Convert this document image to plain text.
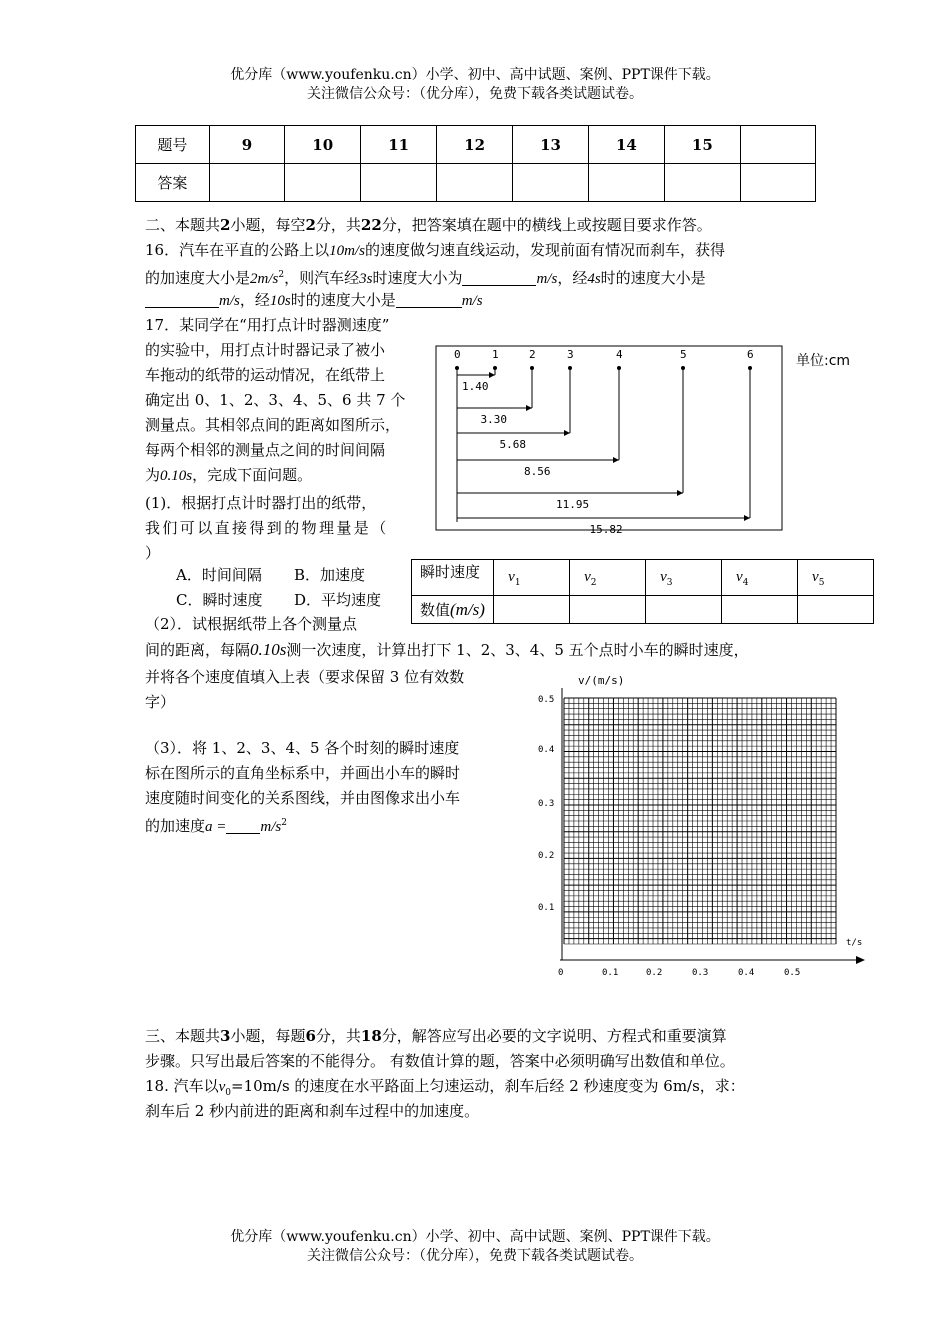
优分库（www.youfenku.cn）小学、初中、高中试题、案例、PPT课件下载。
关注微信公众号：（优分库），免费下载各类试题试卷。
题号	9	10	11	12	13	14	15	
答案								
二、本题共2小题，每空2分，共22分，把答案填在题中的横线上或按题目要求作答。
16．汽车在平直的公路上以10m/s的速度做匀速直线运动，发现前面有情况而刹车，获得
的加速度大小是$2m/s^2$，则汽车经3s时速度大小为	m/s，经4s时的速度大小是
m/s，经10s时的速度大小是	m/s
17．某同学在“用打点计时器测速度”
的实验中，用打点计时器记录了被小
车拖动的纸带的运动情况，在纸带上
确定出 0、1、2、3、4、5、6 共 7 个
测量点。其相邻点间的距离如图所示，
每两个相邻的测量点之间的时间间隔
为0.10s，完成下面问题。
(1)．根据打点计时器打出的纸带，
我们可以直接得到的物理量是（
）
A．时间间隔 B．加速度
C．瞬时速度 D．平均速度
0	1	2	3	4	5	6
1.40
3.30
5.68
8.56
11.95
15.82
单位:cm
瞬时速度	$v_1$	$v_2$	$v_3$	$v_4$	$v_5$
数值(m/s)					
（2）．试根据纸带上各个测量点
间的距离，每隔0.10s测一次速度，计算出打下 1、2、3、4、5 五个点时小车的瞬时速度，
并将各个速度值填入上表（要求保留 3 位有效数
字）
（3）．将 1、2、3、4、5 各个时刻的瞬时速度
标在图所示的直角坐标系中，并画出小车的瞬时
速度随时间变化的关系图线，并由图像求出小车
的加速度$a = m/s^2$
0.5
0.4
0.3
0.2
0.1
0	0.1	0.2	0.3	0.4	0.5
v/(m/s)
t/s
三、本题共3小题，每题6分，共18分，解答应写出必要的文字说明、方程式和重要演算
步骤。只写出最后答案的不能得分。 有数值计算的题，答案中必须明确写出数值和单位。
18. 汽车以$v_0=10m/s$ 的速度在水平路面上匀速运动，刹车后经 2 秒速度变为 6m/s，求：
刹车后 2 秒内前进的距离和刹车过程中的加速度。
优分库（www.youfenku.cn）小学、初中、高中试题、案例、PPT课件下载。
关注微信公众号：（优分库），免费下载各类试题试卷。
